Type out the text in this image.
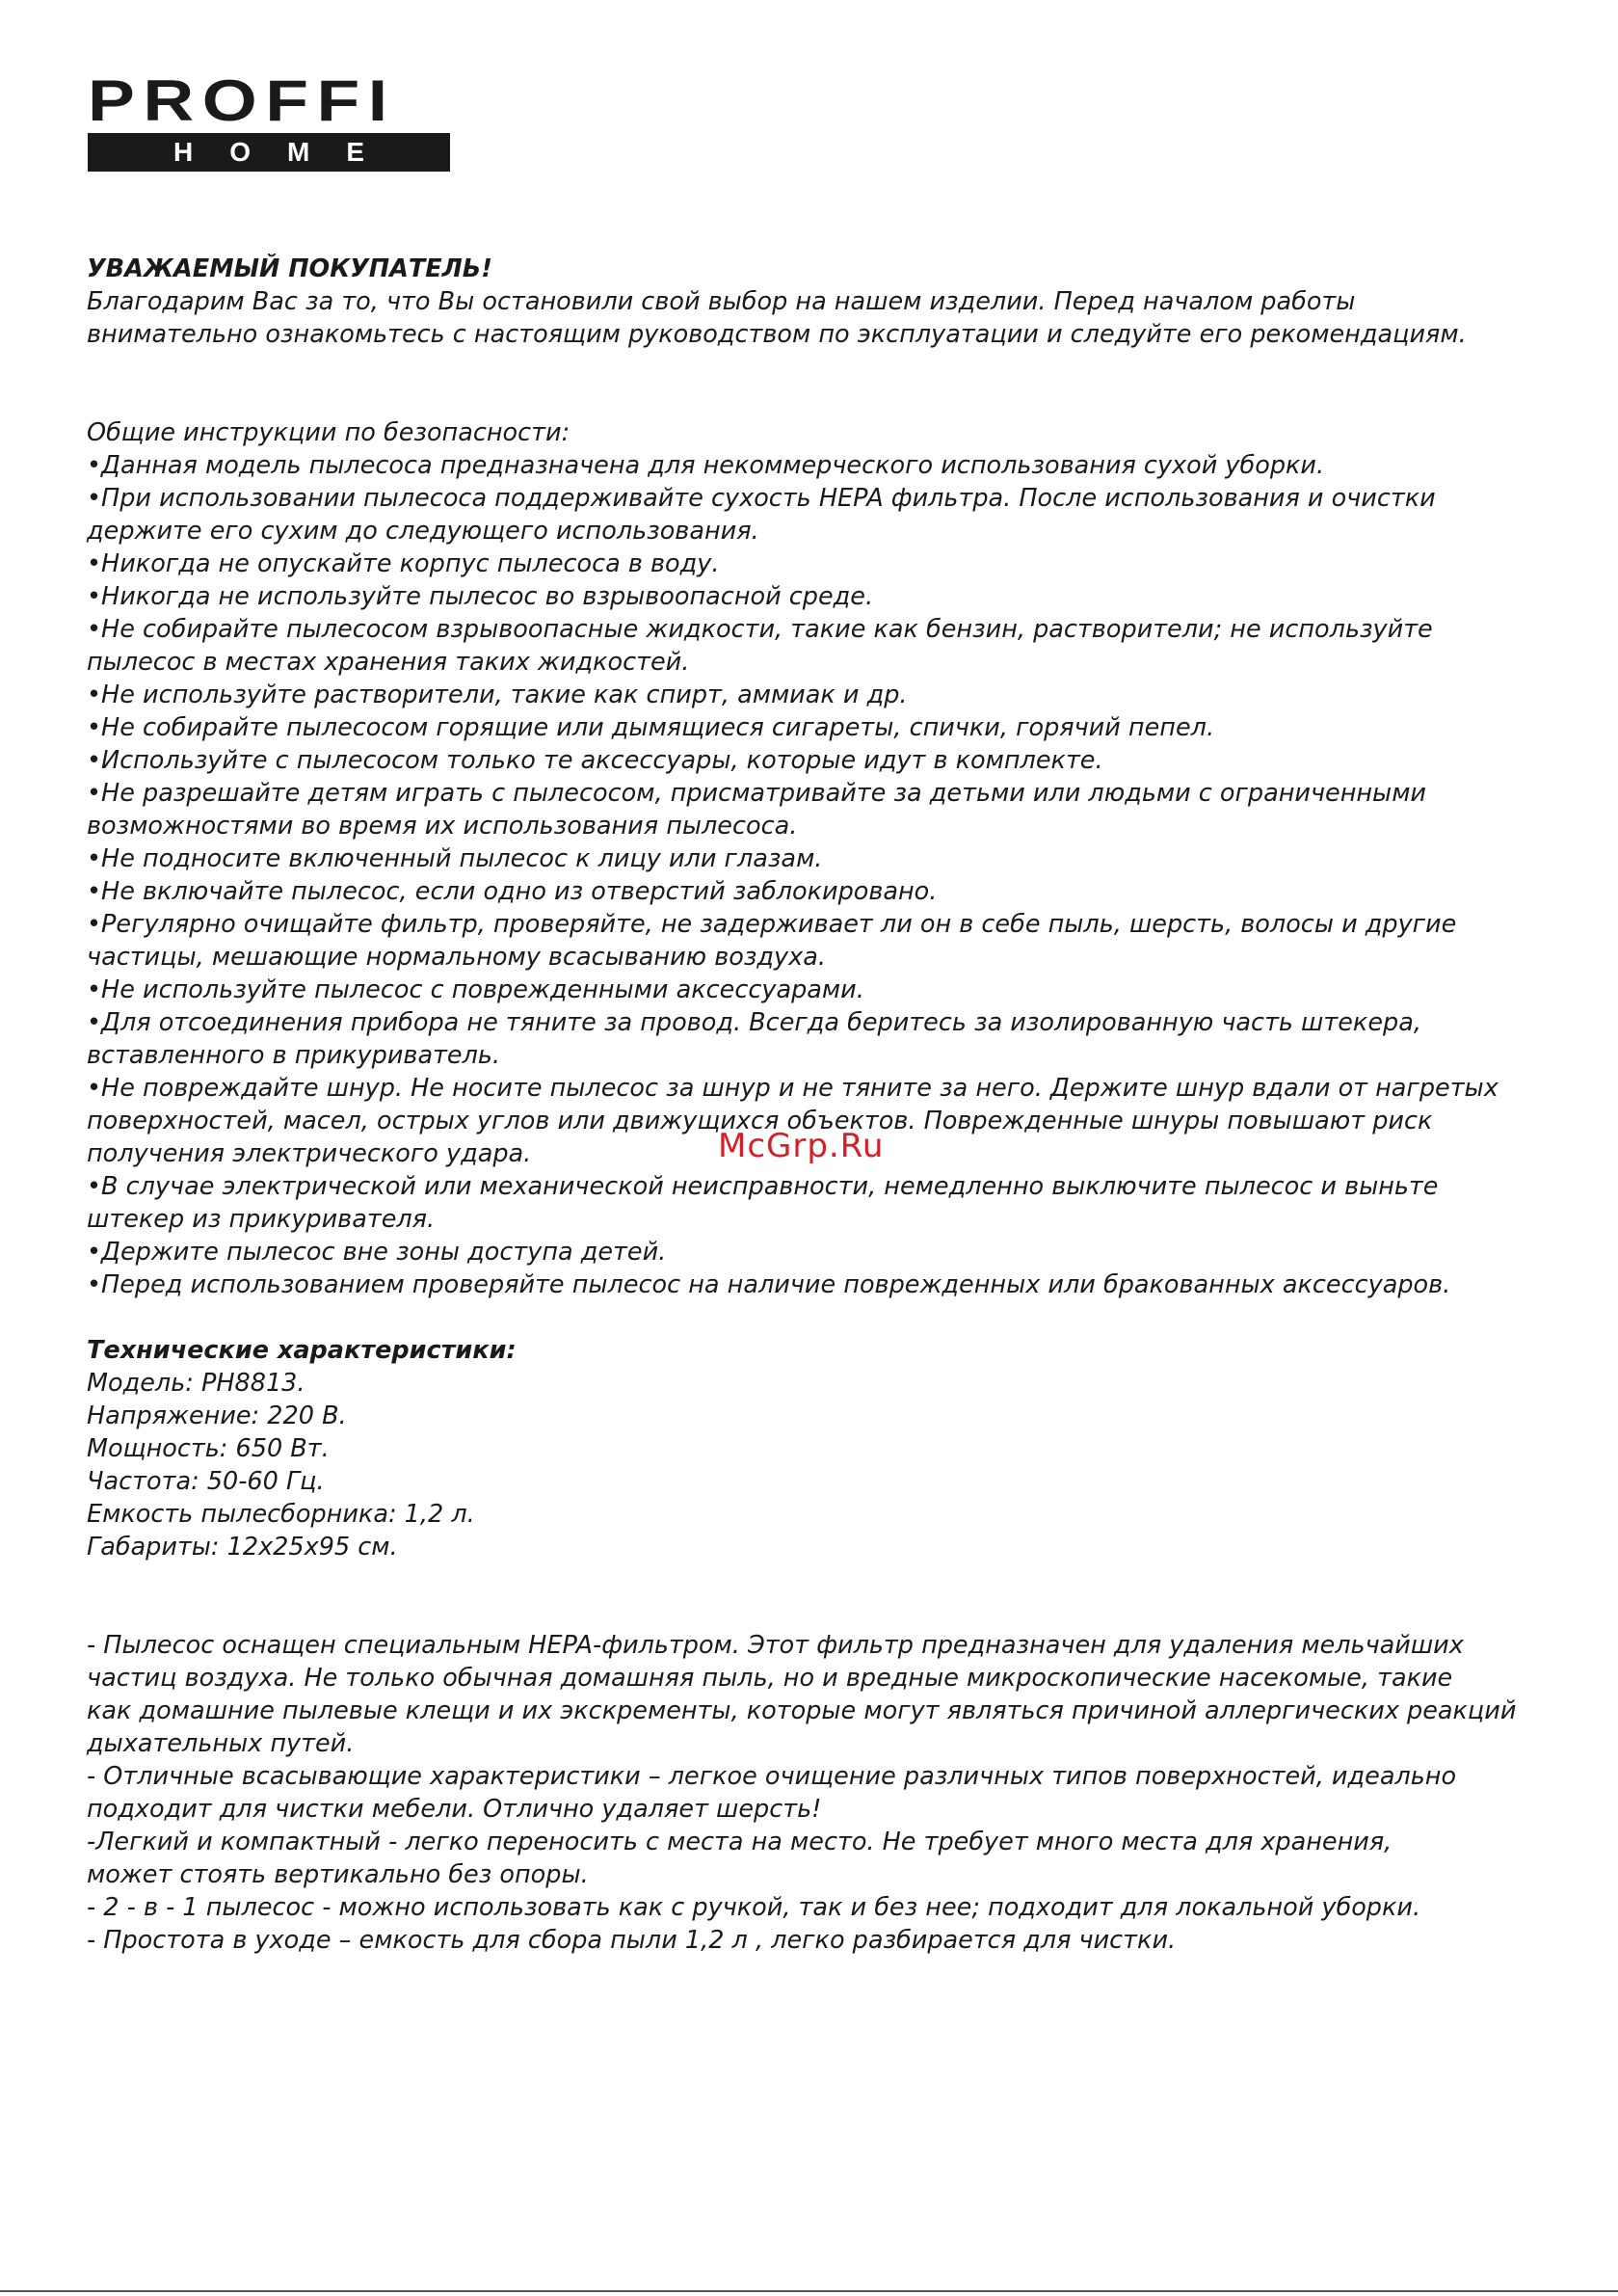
PROFFI
HOME

УВАЖАЕМЫЙ ПОКУПАТЕЛЬ!

Благодарим Вас за то, что Вы остановили свой выбор на нашем изделии. Перед началом работы

внимательно ознакомьтесь с настоящим руководством по эксплуатации и следуйте его рекомендациям.

Общие инструкции по безопасности:

•Данная модель пылесоса предназначена для некоммерческого использования сухой уборки.

•При использовании пылесоса поддерживайте сухость HEPA фильтра. После использования и очистки

держите его сухим до следующего использования.

•Никогда не опускайте корпус пылесоса в воду.

•Никогда не используйте пылесос во взрывоопасной среде.

•Не собирайте пылесосом взрывоопасные жидкости, такие как бензин, растворители; не используйте

пылесос в местах хранения таких жидкостей.

•Не используйте растворители, такие как спирт, аммиак и др.

•Не собирайте пылесосом горящие или дымящиеся сигареты, спички, горячий пепел.

•Используйте с пылесосом только те аксессуары, которые идут в комплекте.

•Не разрешайте детям играть с пылесосом, присматривайте за детьми или людьми с ограниченными

возможностями во время их использования пылесоса.

•Не подносите включенный пылесос к лицу или глазам.

•Не включайте пылесос, если одно из отверстий заблокировано.

•Регулярно очищайте фильтр, проверяйте, не задерживает ли он в себе пыль, шерсть, волосы и другие

частицы, мешающие нормальному всасыванию воздуха.

•Не используйте пылесос с поврежденными аксессуарами.

•Для отсоединения прибора не тяните за провод. Всегда беритесь за изолированную часть штекера,

вставленного в прикуриватель.

•Не повреждайте шнур. Не носите пылесос за шнур и не тяните за него. Держите шнур вдали от нагретых

поверхностей, масел, острых углов или движущихся объектов. Поврежденные шнуры повышают риск

получения электрического удара.

•В случае электрической или механической неисправности, немедленно выключите пылесос и выньте

штекер из прикуривателя.

•Держите пылесос вне зоны доступа детей.

•Перед использованием проверяйте пылесос на наличие поврежденных или бракованных аксессуаров.

Технические характеристики:

Модель: PH8813.

Напряжение: 220 В.

Мощность: 650 Вт.

Частота: 50-60 Гц.

Емкость пылесборника: 1,2 л.

Габариты: 12х25х95 см.

- Пылесос оснащен специальным HEPA-фильтром. Этот фильтр предназначен для удаления мельчайших

частиц воздуха. Не только обычная домашняя пыль, но и вредные микроскопические насекомые, такие

как домашние пылевые клещи и их экскременты, которые могут являться причиной аллергических реакций

дыхательных путей.

- Отличные всасывающие характеристики – легкое очищение различных типов поверхностей, идеально

подходит для чистки мебели. Отлично удаляет шерсть!

-Легкий и компактный - легко переносить с места на место. Не требует много места для хранения,

может стоять вертикально без опоры.

- 2 - в - 1 пылесос - можно использовать как с ручкой, так и без нее; подходит для локальной уборки.

- Простота в уходе – емкость для сбора пыли 1,2 л , легко разбирается для чистки.

McGrp.Ru
